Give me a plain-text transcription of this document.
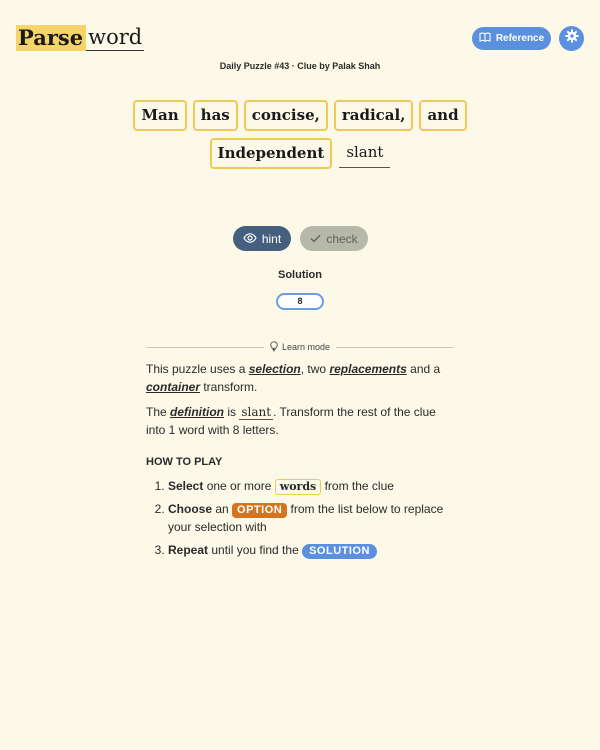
Parse word	Reference
Daily Puzzle #43 · Clue by Palak Shah
Man	has	concise,	radical,	and
Independent	slant
hint	check
Solution
8
Learn mode

This puzzle uses a selection, two replacements and a container transform.

The definition is slant . Transform the rest of the clue into 1 word with 8 letters.

HOW TO PLAY
1. Select one or more words from the clue
2. Choose an OPTION from the list below to replace your selection with
3. Repeat until you find the SOLUTION
